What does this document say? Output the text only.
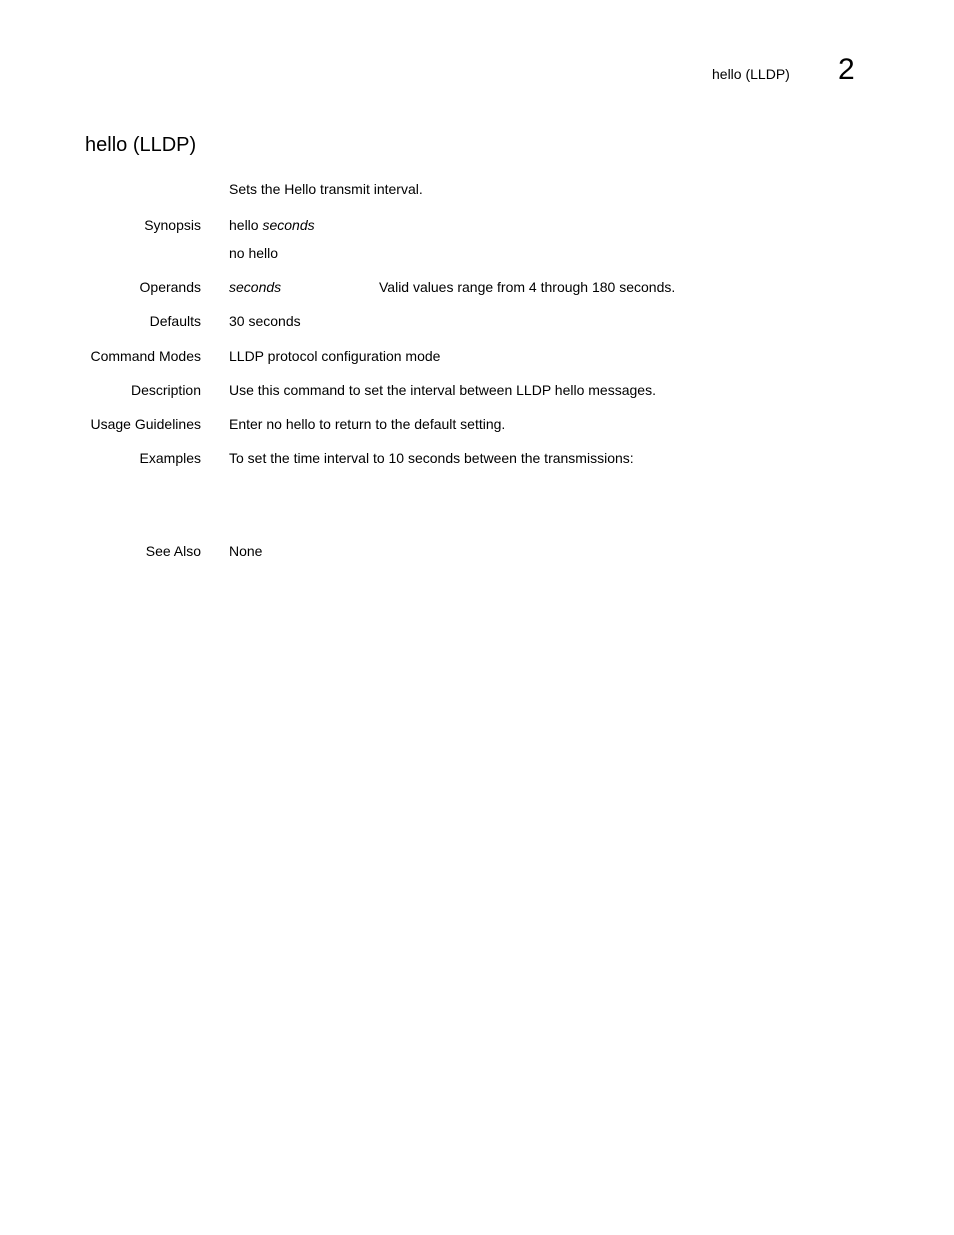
hello (LLDP) 2
hello (LLDP)
Sets the Hello transmit interval.
Synopsis hello seconds
no hello
Operands seconds	Valid values range from 4 through 180 seconds.
Defaults 30 seconds
Command Modes LLDP protocol configuration mode
Description Use this command to set the interval between LLDP hello messages.
Usage Guidelines Enter no hello to return to the default setting.
Examples To set the time interval to 10 seconds between the transmissions:
See Also None
